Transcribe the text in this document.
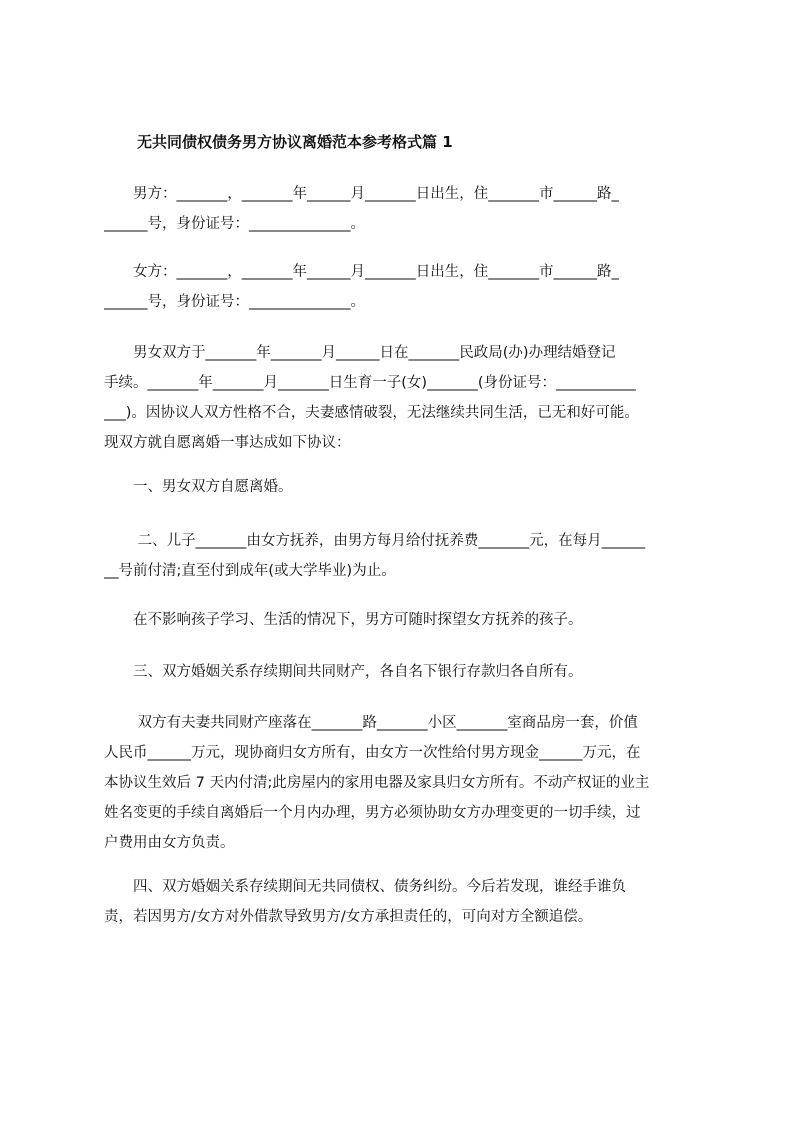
无共同债权债务男方协议离婚范本参考格式篇 1
　　男方：_______，_______年______月_______日出生，住_______市______路_
______号，身份证号：______________。
　　女方：_______，_______年______月_______日出生，住_______市______路_
______号，身份证号：______________。
　　男女双方于_______年_______月______日在_______民政局(办)办理结婚登记
手续。_______年_______月_______日生育一子(女)_______(身份证号：___________
___)。因协议人双方性格不合，夫妻感情破裂，无法继续共同生活，已无和好可能。
现双方就自愿离婚一事达成如下协议：
　　一、男女双方自愿离婚。
　　 二、儿子_______由女方抚养，由男方每月给付抚养费_______元，在每月______
__号前付清;直至付到成年(或大学毕业)为止。
　　在不影响孩子学习、生活的情况下，男方可随时探望女方抚养的孩子。
　　三、双方婚姻关系存续期间共同财产，各自名下银行存款归各自所有。
　　 双方有夫妻共同财产座落在_______路_______小区_______室商品房一套，价值
人民币______万元，现协商归女方所有，由女方一次性给付男方现金______万元，在
本协议生效后 7 天内付清;此房屋内的家用电器及家具归女方所有。不动产权证的业主
姓名变更的手续自离婚后一个月内办理，男方必须协助女方办理变更的一切手续，过
户费用由女方负责。
　　四、双方婚姻关系存续期间无共同债权、债务纠纷。今后若发现，谁经手谁负
责，若因男方/女方对外借款导致男方/女方承担责任的，可向对方全额追偿。
